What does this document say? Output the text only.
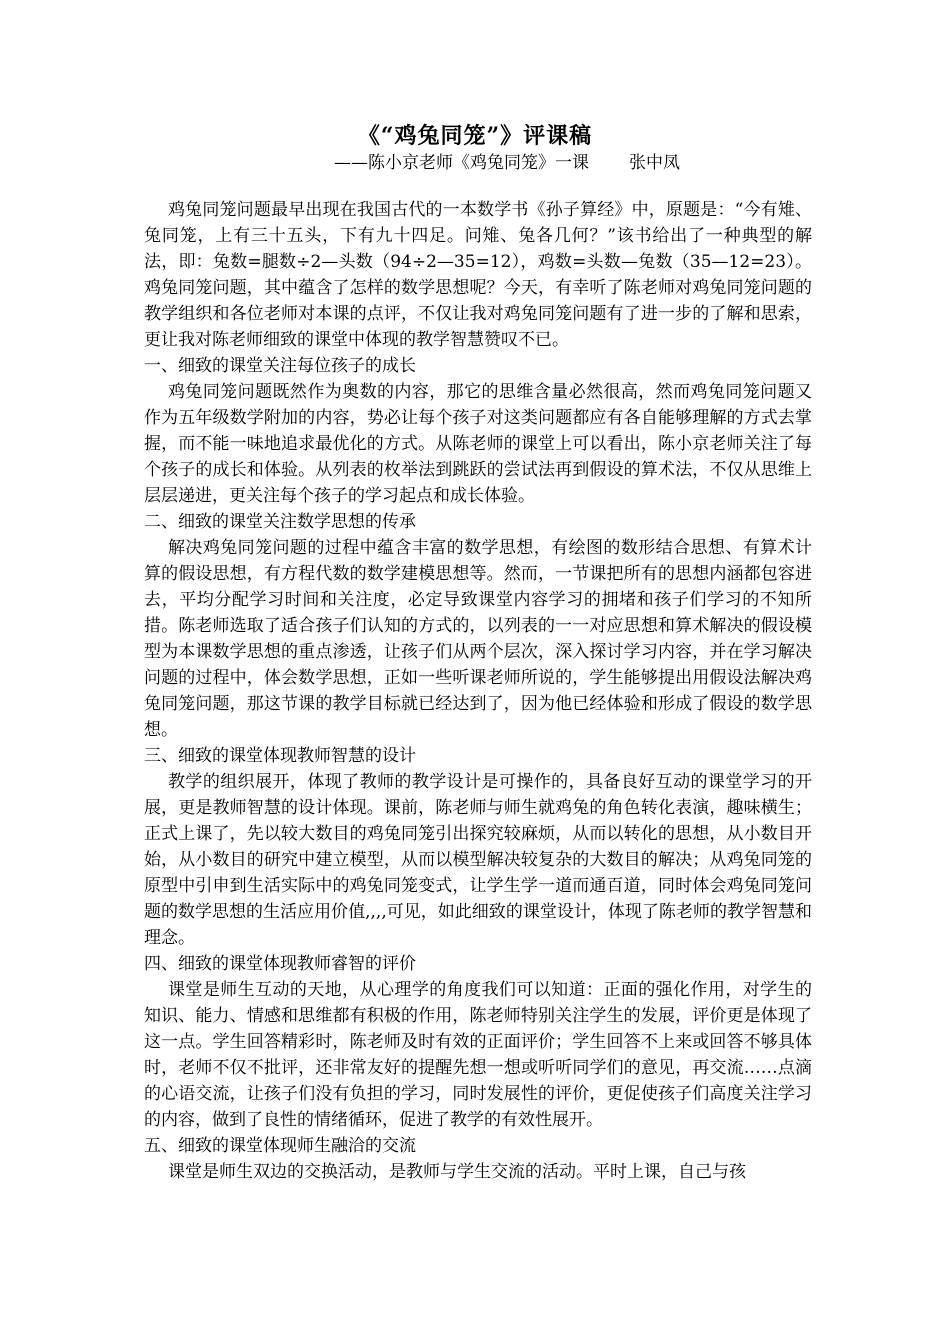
《“鸡兔同笼”》评课稿
——陈小京老师《鸡兔同笼》一课 张中凤

鸡兔同笼问题最早出现在我国古代的一本数学书《孙子算经》中，原题是：“今有雉、兔同笼，上有三十五头，下有九十四足。问雉、兔各几何？”该书给出了一种典型的解法，即：兔数=腿数÷2—头数（94÷2—35=12），鸡数=头数—兔数（35—12=23）。鸡兔同笼问题，其中蕴含了怎样的数学思想呢？今天，有幸听了陈老师对鸡兔同笼问题的教学组织和各位老师对本课的点评，不仅让我对鸡兔同笼问题有了进一步的了解和思索，更让我对陈老师细致的课堂中体现的教学智慧赞叹不已。

一、细致的课堂关注每位孩子的成长

鸡兔同笼问题既然作为奥数的内容，那它的思维含量必然很高，然而鸡兔同笼问题又作为五年级数学附加的内容，势必让每个孩子对这类问题都应有各自能够理解的方式去掌握，而不能一味地追求最优化的方式。从陈老师的课堂上可以看出，陈小京老师关注了每个孩子的成长和体验。从列表的枚举法到跳跃的尝试法再到假设的算术法，不仅从思维上层层递进，更关注每个孩子的学习起点和成长体验。

二、细致的课堂关注数学思想的传承

解决鸡兔同笼问题的过程中蕴含丰富的数学思想，有绘图的数形结合思想、有算术计算的假设思想，有方程代数的数学建模思想等。然而，一节课把所有的思想内涵都包容进去，平均分配学习时间和关注度，必定导致课堂内容学习的拥堵和孩子们学习的不知所措。陈老师选取了适合孩子们认知的方式的，以列表的一一对应思想和算术解决的假设模型为本课数学思想的重点渗透，让孩子们从两个层次，深入探讨学习内容，并在学习解决问题的过程中，体会数学思想，正如一些听课老师所说的，学生能够提出用假设法解决鸡兔同笼问题，那这节课的教学目标就已经达到了，因为他已经体验和形成了假设的数学思想。

三、细致的课堂体现教师智慧的设计

教学的组织展开，体现了教师的教学设计是可操作的，具备良好互动的课堂学习的开展，更是教师智慧的设计体现。课前，陈老师与师生就鸡兔的角色转化表演，趣味横生；正式上课了，先以较大数目的鸡兔同笼引出探究较麻烦，从而以转化的思想，从小数目开始，从小数目的研究中建立模型，从而以模型解决较复杂的大数目的解决；从鸡兔同笼的原型中引申到生活实际中的鸡兔同笼变式，让学生学一道而通百道，同时体会鸡兔同笼问题的数学思想的生活应用价值,,,,可见，如此细致的课堂设计，体现了陈老师的教学智慧和理念。

四、细致的课堂体现教师睿智的评价

课堂是师生互动的天地，从心理学的角度我们可以知道：正面的强化作用，对学生的知识、能力、情感和思维都有积极的作用，陈老师特别关注学生的发展，评价更是体现了这一点。学生回答精彩时，陈老师及时有效的正面评价；学生回答不上来或回答不够具体时，老师不仅不批评，还非常友好的提醒先想一想或听听同学们的意见，再交流……点滴的心语交流，让孩子们没有负担的学习，同时发展性的评价，更促使孩子们高度关注学习的内容，做到了良性的情绪循环，促进了教学的有效性展开。

五、细致的课堂体现师生融洽的交流

课堂是师生双边的交换活动，是教师与学生交流的活动。平时上课，自己与孩
